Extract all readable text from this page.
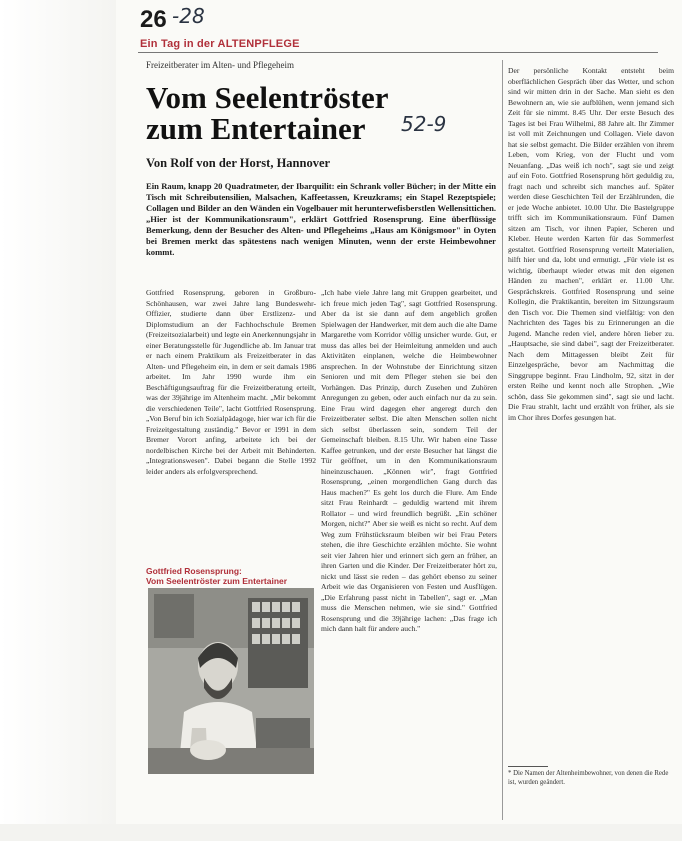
26 -28
Ein Tag in der ALTENPFLEGE

Freizeitberater im Alten- und Pflegeheim

Vom Seelentröster
zum Entertainer

Von Rolf von der Horst, Hannover

Ein Raum, knapp 20 Quadratmeter, der Ibarquilit: ein Schrank voller Bücher; in der Mitte ein Tisch mit Schreibutensilien, Malsachen, Kaffeetassen, Kreuzkrams; ein Stapel Rezeptspiele; Collagen und Bilder an den Wänden ein Vogelbauer mit herunterwefisberstlen Wellensittichen. „Hier ist der Kommunikationsraum", erklärt Gottfried Rosensprung. Eine überflüssige Bemerkung, denn der Besucher des Alten- und Pflegeheims „Haus am Königsmoor" in Oyten bei Bremen merkt das spätestens nach wenigen Minuten, wenn der erste Heimbewohner kommt.

52-9

Gottfried Rosensprung, geboren in Großburo-Schönhausen, war zwei Jahre lang Bundeswehr-Offizier, studierte dann über Erstlizenz- und Diplomstudium an der Fachhochschule Bremen (Freizeitsozialarbeit) und legte ein Anerkennungsjahr in einer Beratungsstelle für Jugendliche ab. Im Januar trat er nach einem Praktikum als Freizeitberater in das Alten- und Pflegeheim ein, in dem er seit damals 1986 arbeitet. Im Jahr 1990 wurde ihm ein Beschäftigungsauftrag für die Freizeitberatung erteilt, was der 39jährige im Altenheim macht. „Mir bekommt die verschiedenen Teile", lacht Gottfried Rosensprung. „Von Beruf bin ich Sozialpädagoge, hier war ich für die Freizeitgestaltung zuständig." Bevor er 1991 in dem Bremer Vorort anfing, arbeitete ich bei der nordelbischen Kirche bei der Arbeit mit Behinderten. „Integrationswesen". Dabei begann die Stelle 1992 leider anders als erfolgversprechend.

Gottfried Rosensprung:
Vom Seelentröster zum Entertainer

„Ich habe viele Jahre lang mit Gruppen gearbeitet, und ich freue mich jeden Tag", sagt Gottfried Rosensprung. Aber da ist sie dann auf dem angeblich großen Spielwagen der Handwerker, mit dem auch die alte Dame Margarethe vom Korridor völlig unsicher wurde. Gut, er muss das alles bei der Heimleitung anmelden und auch Aktivitäten einplanen, welche die Heimbewohner ansprechen. In der Wohnstube der Einrichtung sitzen Senioren und mit dem Pfleger stehen sie bei den Vorhängen. Das Prinzip, durch Zusehen und Zuhören Anregungen zu geben, oder auch einfach nur da zu sein. Eine Frau wird dagegen eher angeregt durch den Freizeitberater selbst. Die alten Menschen sollen nicht sich selbst überlassen sein, sondern Teil der Gemeinschaft bleiben. 8.15 Uhr. Wir haben eine Tasse Kaffee getrunken, und der erste Besucher hat längst die Tür geöffnet, um in den Kommunikationsraum hineinzuschauen. „Können wir", fragt Gottfried Rosensprung, „einen morgendlichen Gang durch das Haus machen?" Es geht los durch die Flure. Am Ende sitzt Frau Reinhardt – geduldig wartend mit ihrem Rollator – und wird freundlich begrüßt. „Ein schöner Morgen, nicht?" Aber sie weiß es nicht so recht. Auf dem Weg zum Frühstücksraum bleiben wir bei Frau Peters stehen, die ihre Geschichte erzählen möchte. Sie wohnt seit vier Jahren hier und erinnert sich gern an früher, an ihren Garten und die Kinder. Der Freizeitberater hört zu, nickt und lässt sie reden – das gehört ebenso zu seiner Arbeit wie das Organisieren von Festen und Ausflügen. „Die Erfahrung passt nicht in Tabellen", sagt er. „Man muss die Menschen nehmen, wie sie sind." Gottfried Rosensprung und die 39jährige lachen: „Das frage ich mich dann halt für andere auch."

Der persönliche Kontakt entsteht beim oberflächlichen Gespräch über das Wetter, und schon sind wir mitten drin in der Sache. Man sieht es den Bewohnern an, wie sie aufblühen, wenn jemand sich Zeit für sie nimmt. 8.45 Uhr. Der erste Besuch des Tages ist bei Frau Wilhelmi, 88 Jahre alt. Ihr Zimmer ist voll mit Zeichnungen und Collagen. Viele davon hat sie selbst gemacht. Die Bilder erzählen von ihrem Leben, vom Krieg, von der Flucht und vom Neuanfang. „Das weiß ich noch", sagt sie und zeigt auf ein Foto. Gottfried Rosensprung hört geduldig zu, fragt nach und schreibt sich manches auf. Später werden diese Geschichten Teil der Erzählrunden, die er jede Woche anbietet. 10.00 Uhr. Die Bastelgruppe trifft sich im Kommunikationsraum. Fünf Damen sitzen am Tisch, vor ihnen Papier, Scheren und Kleber. Heute werden Karten für das Sommerfest gestaltet. Gottfried Rosensprung verteilt Materialien, hilft hier und da, lobt und ermutigt. „Für viele ist es wichtig, überhaupt wieder etwas mit den eigenen Händen zu machen", erklärt er. 11.00 Uhr. Gesprächskreis. Gottfried Rosensprung und seine Kollegin, die Praktikantin, bereiten im Sitzungsraum den Tisch vor. Die Themen sind vielfältig: von den Nachrichten des Tages bis zu Erinnerungen an die Jugend. Manche reden viel, andere hören lieber zu. „Hauptsache, sie sind dabei", sagt der Freizeitberater. Nach dem Mittagessen bleibt Zeit für Einzelgespräche, bevor am Nachmittag die Singgruppe beginnt. Frau Lindholm, 92, sitzt in der ersten Reihe und kennt noch alle Strophen. „Wie schön, dass Sie gekommen sind", sagt sie und lacht. Die Frau strahlt, lacht und erzählt von früher, als sie im Chor ihres Dorfes gesungen hat.

* Die Namen der Altenheimbewohner, von denen die Rede ist, wurden geändert.
